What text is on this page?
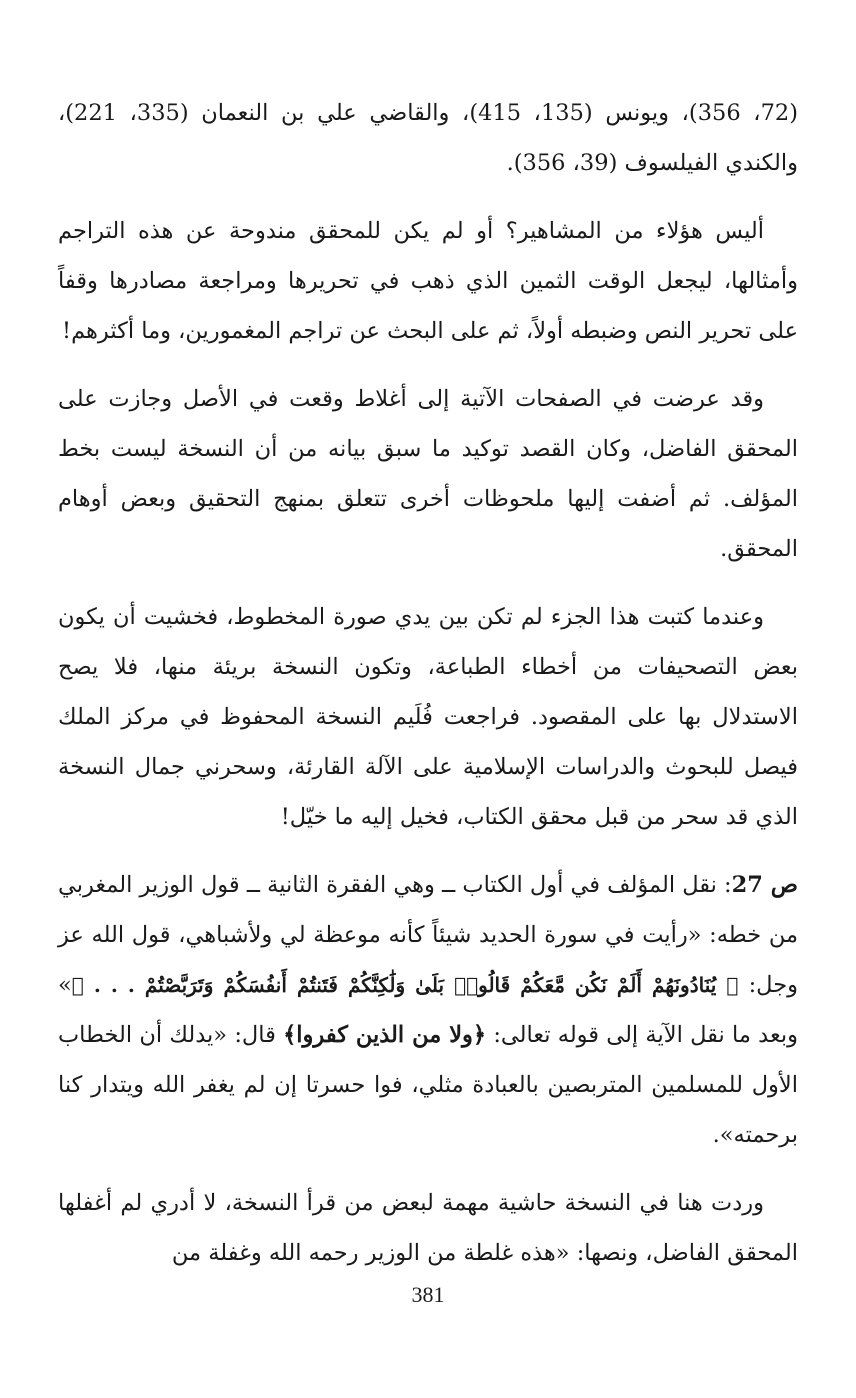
(72، 356)، ويونس (135، 415)، والقاضي علي بن النعمان (335، 221)، والكندي الفيلسوف (39، 356).

أليس هؤلاء من المشاهير؟ أو لم يكن للمحقق مندوحة عن هذه التراجم وأمثالها، ليجعل الوقت الثمين الذي ذهب في تحريرها ومراجعة مصادرها وقفاً على تحرير النص وضبطه أولاً، ثم على البحث عن تراجم المغمورين، وما أكثرهم!

وقد عرضت في الصفحات الآتية إلى أغلاط وقعت في الأصل وجازت على المحقق الفاضل، وكان القصد توكيد ما سبق بيانه من أن النسخة ليست بخط المؤلف. ثم أضفت إليها ملحوظات أخرى تتعلق بمنهج التحقيق وبعض أوهام المحقق.

وعندما كتبت هذا الجزء لم تكن بين يدي صورة المخطوط، فخشيت أن يكون بعض التصحيفات من أخطاء الطباعة، وتكون النسخة بريئة منها، فلا يصح الاستدلال بها على المقصود. فراجعت فُلَيم النسخة المحفوظ في مركز الملك فيصل للبحوث والدراسات الإسلامية على الآلة القارئة، وسحرني جمال النسخة الذي قد سحر من قبل محقق الكتاب، فخيل إليه ما خيّل!

ص 27: نقل المؤلف في أول الكتاب ــ وهي الفقرة الثانية ــ قول الوزير المغربي من خطه: «رأيت في سورة الحديد شيئاً كأنه موعظة لي ولأشباهي، قول الله عز وجل: ﴿ يُنَادُونَهُمْ أَلَمْ نَكُن مَّعَكُمْ قَالُوا۟ بَلَىٰ وَلَٰكِنَّكُمْ فَتَنتُمْ أَنفُسَكُمْ وَتَرَبَّصْتُمْ . . . ﴾» وبعد ما نقل الآية إلى قوله تعالى: ﴿ولا من الذين كفروا﴾ قال: «يدلك أن الخطاب الأول للمسلمين المتربصين بالعبادة مثلي، فوا حسرتا إن لم يغفر الله ويتدار كنا برحمته».

وردت هنا في النسخة حاشية مهمة لبعض من قرأ النسخة، لا أدري لم أغفلها المحقق الفاضل، ونصها: «هذه غلطة من الوزير رحمه الله وغفلة من

381
